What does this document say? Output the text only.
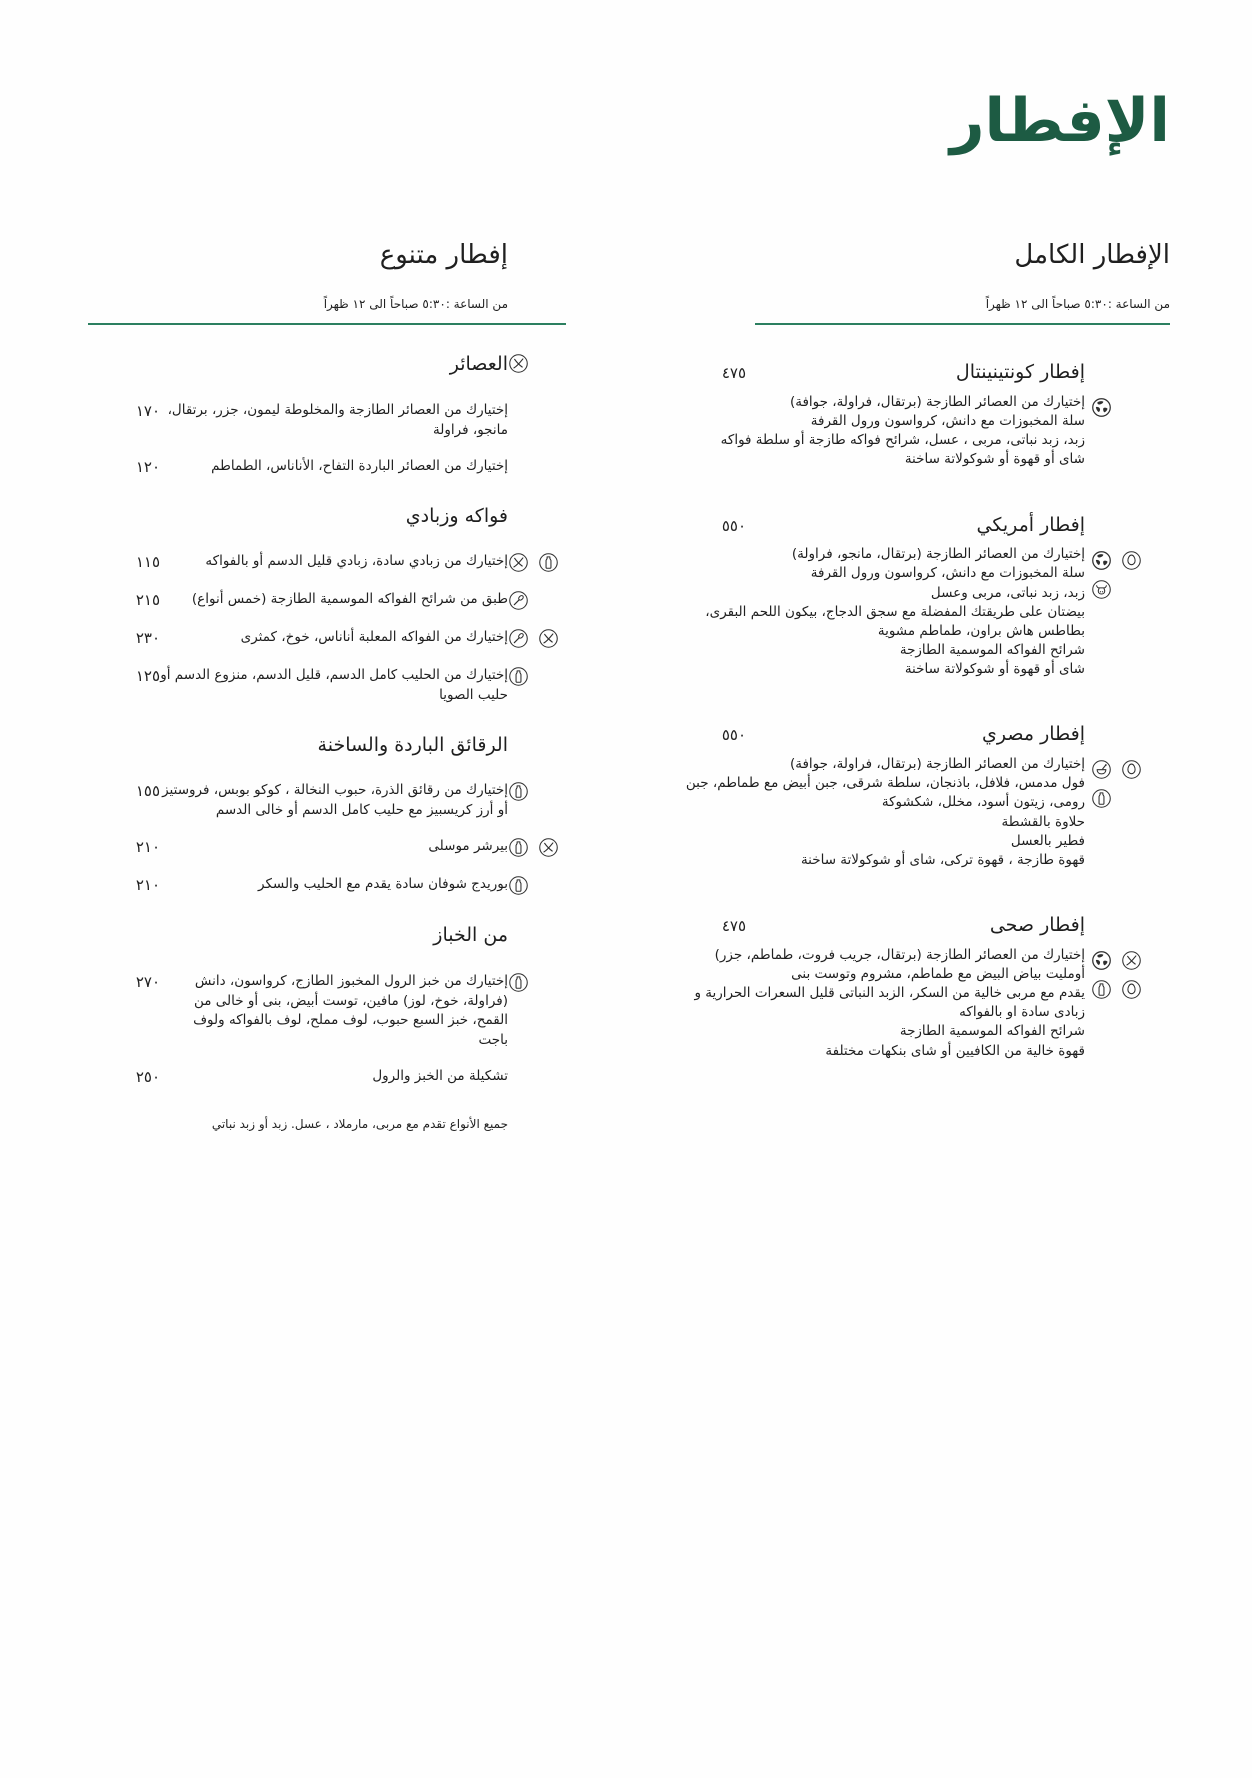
الإفطار
الإفطار الكامل
من الساعة :٥:٣٠ صباحاً الى ١٢ ظهراً
إفطار كونتينينتال
٤٧٥
إختيارك من العصائر الطازجة (برتقال، فراولة، جوافة)
سلة المخبوزات مع دانش، كرواسون ورول القرفة
زبد، زبد نباتى، مربى ، عسل، شرائح فواكه طازجة أو سلطة فواكه
شاى أو قهوة أو شوكولاتة ساخنة
إفطار أمريكي
٥٥٠
إختيارك من العصائر الطازجة (برتقال، مانجو، فراولة)
سلة المخبوزات مع دانش، كرواسون ورول القرفة
زبد، زبد نباتى، مربى وعسل
بيضتان على طريقتك المفضلة مع سجق الدجاج، بيكون اللحم البقرى، بطاطس هاش براون، طماطم مشوية
شرائح الفواكه الموسمية الطازجة
شاى أو قهوة أو شوكولاتة ساخنة
إفطار مصري
٥٥٠
إختيارك من العصائر الطازجة (برتقال، فراولة، جوافة)
فول مدمس، فلافل، باذنجان، سلطة شرقى، جبن أبيض مع طماطم، جبن رومى، زيتون أسود، مخلل، شكشوكة
حلاوة بالقشطة
فطير بالعسل
قهوة طازجة ، قهوة تركى، شاى أو شوكولاتة ساخنة
إفطار صحى
٤٧٥
إختيارك من العصائر الطازجة (برتقال، جريب فروت، طماطم، جزر)
أومليت بياض البيض مع طماطم، مشروم وتوست بنى
يقدم مع مربى خالية من السكر، الزبد النباتى قليل السعرات الحرارية و زبادى سادة او بالفواكه
شرائح الفواكه الموسمية الطازجة
قهوة خالية من الكافيين أو شاى بنكهات مختلفة
إفطار متنوع
من الساعة :٥:٣٠ صباحاً الى ١٢ ظهراً
العصائر
إختيارك من العصائر الطازجة والمخلوطة ليمون، جزر، برتقال، مانجو، فراولة
١٧٠
إختيارك من العصائر الباردة التفاح، الأناناس، الطماطم
١٢٠
فواكه وزبادي
إختيارك من زبادي سادة، زبادي قليل الدسم أو بالفواكه
١١٥
طبق من شرائح الفواكه الموسمية الطازجة (خمس أنواع)
٢١٥
إختيارك من الفواكه المعلبة أناناس، خوخ، كمثرى
٢٣٠
إختيارك من الحليب كامل الدسم، قليل الدسم، منزوع الدسم أو حليب الصويا
١٢٥
الرقائق الباردة والساخنة
إختيارك من رقائق الذرة، حبوب النخالة ، كوكو بوبس، فروستيز أو أرز كريسبيز مع حليب كامل الدسم أو خالى الدسم
١٥٥
بيرشر موسلى
٢١٠
بوريدج شوفان سادة يقدم مع الحليب والسكر
٢١٠
من الخباز
إختيارك من خبز الرول المخبوز الطازج، كرواسون، دانش (فراولة، خوخ، لوز) مافين، توست أبيض، بنى أو خالى من القمح، خبز السبع حبوب، لوف مملح، لوف بالفواكه ولوف باجت
٢٧٠
تشكيلة من الخبز والرول
٢٥٠
جميع الأنواع تقدم مع مربى، مارملاد ، عسل. زبد أو زبد نباتي
